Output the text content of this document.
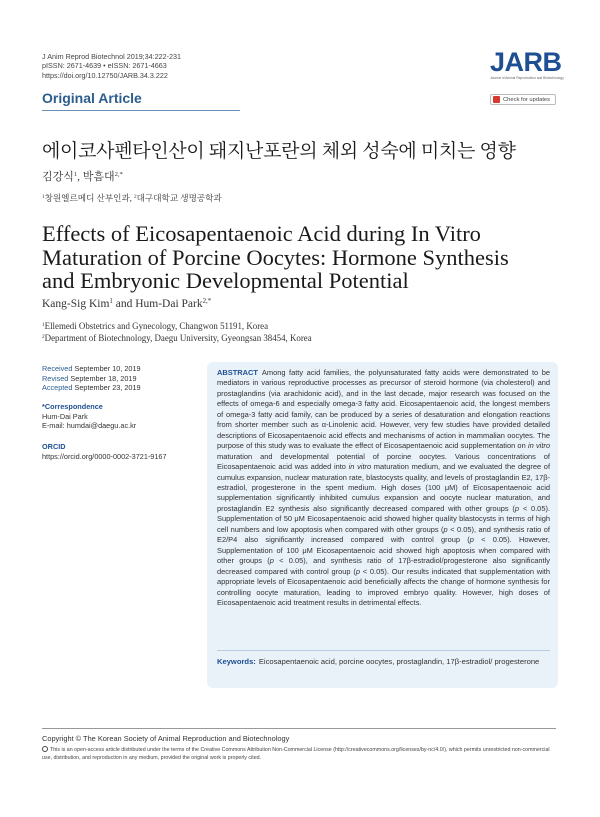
J Anim Reprod Biotechnol 2019;34:222-231
pISSN: 2671-4639 • eISSN: 2671-4663
https://doi.org/10.12750/JARB.34.3.222
Original Article
JARB
Journal of Animal Reproduction and Biotechnology
Check for updates
에이코사펜타인산이 돼지난포란의 체외 성숙에 미치는 영향
김강식$^1$, 박흠대$^{2,*}$
$^1$창원엘르메디 산부인과, $^2$대구대학교 생명공학과
Effects of Eicosapentaenoic Acid during In Vitro
Maturation of Porcine Oocytes: Hormone Synthesis
and Embryonic Developmental Potential
Kang-Sig Kim$^1$ and Hum-Dai Park$^{2,*}$
$^1$Ellemedi Obstetrics and Gynecology, Changwon 51191, Korea
$^2$Department of Biotechnology, Daegu University, Gyeongsan 38454, Korea
Received September 10, 2019
Revised September 18, 2019
Accepted September 23, 2019
*Correspondence
Hum-Dai Park
E-mail: humdai@daegu.ac.kr
ORCID
https://orcid.org/0000-0002-3721-9167
ABSTRACT Among fatty acid families, the polyunsaturated fatty acids were demonstrated to be mediators in various reproductive processes as precursor of steroid hormone (via cholesterol) and prostaglandins (via arachidonic acid), and in the last decade, major research was focused on the effects of omega-6 and especially omega-3 fatty acid. Eicosapentaenoic acid, the longest members of omega-3 fatty acid family, can be produced by a series of desaturation and elongation reactions from shorter member such as α-Linolenic acid. However, very few studies have provided detailed descriptions of Eicosapentaenoic acid effects and mechanisms of action in mammalian oocytes. The purpose of this study was to evaluate the effect of Eicosapentaenoic acid supplementation on in vitro maturation and developmental potential of porcine oocytes. Various concentrations of Eicosapentaenoic acid was added into in vitro maturation medium, and we evaluated the degree of cumulus expansion, nuclear maturation rate, blastocysts quality, and levels of prostaglandin E2, 17β-estradiol, progesterone in the spent medium. High doses (100 μM) of Eicosapentaenoic acid supplementation significantly inhibited cumulus expansion and oocyte nuclear maturation, and prostaglandin E2 synthesis also significantly decreased compared with other groups (p < 0.05). Supplementation of 50 μM Eicosapentaenoic acid showed higher quality blastocysts in terms of high cell numbers and low apoptosis when compared with other groups (p < 0.05), and synthesis ratio of E2/P4 also significantly increased compared with control group (p < 0.05). However, Supplementation of 100 μM Eicosapentaenoic acid showed high apoptosis when compared with other groups (p < 0.05), and synthesis ratio of 17β-estradiol/progesterone also significantly decreased compared with control group (p < 0.05). Our results indicated that supplementation with appropriate levels of Eicosapentaenoic acid beneficially affects the change of hormone synthesis for controlling oocyte maturation, leading to improved embryo quality. However, high doses of Eicosapentaenoic acid treatment results in detrimental effects.
Keywords: Eicosapentaenoic acid, porcine oocytes, prostaglandin, 17β-estradiol/ progesterone
Copyright © The Korean Society of Animal Reproduction and Biotechnology
This is an open-access article distributed under the terms of the Creative Commons Attribution Non-Commercial License (http://creativecommons.org/licenses/by-nc/4.0/), which permits unrestricted non-commercial use, distribution, and reproduction in any medium, provided the original work is properly cited.
